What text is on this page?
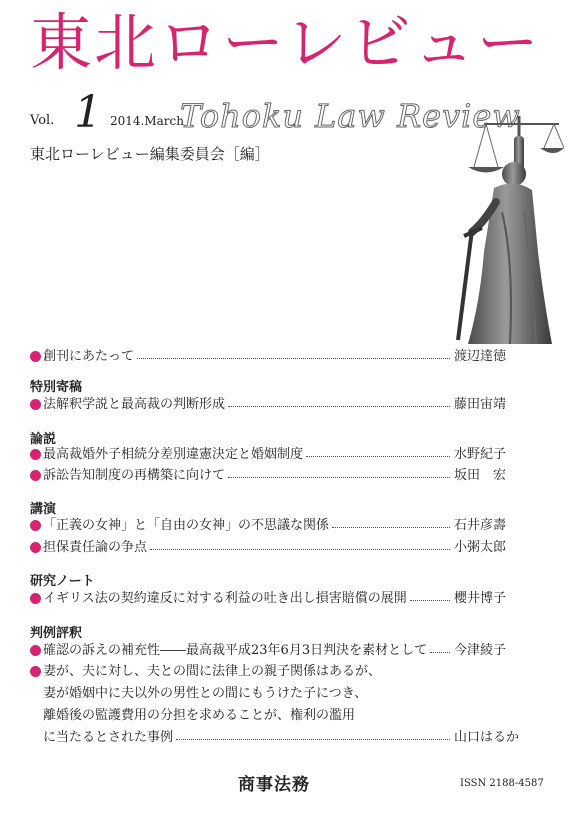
東北ローレビュー
Vol. 1 2014.March
Tohoku Law Review
東北ローレビュー編集委員会［編］
創刊にあたって	渡辺達徳
特別寄稿
法解釈学説と最高裁の判断形成	藤田宙靖
論説
最高裁婚外子相続分差別違憲決定と婚姻制度	水野紀子
訴訟告知制度の再構築に向けて	坂田　宏
講演
「正義の女神」と「自由の女神」の不思議な関係	石井彦壽
担保責任論の争点	小粥太郎
研究ノート
イギリス法の契約違反に対する利益の吐き出し損害賠償の展開	櫻井博子
判例評釈
確認の訴えの補充性――最高裁平成23年6月3日判決を素材として 今津綾子
妻が、夫に対し、夫との間に法律上の親子関係はあるが、
妻が婚姻中に夫以外の男性との間にもうけた子につき、
離婚後の監護費用の分担を求めることが、権利の濫用
に当たるとされた事例	山口はるか
商事法務	ISSN 2188-4587
